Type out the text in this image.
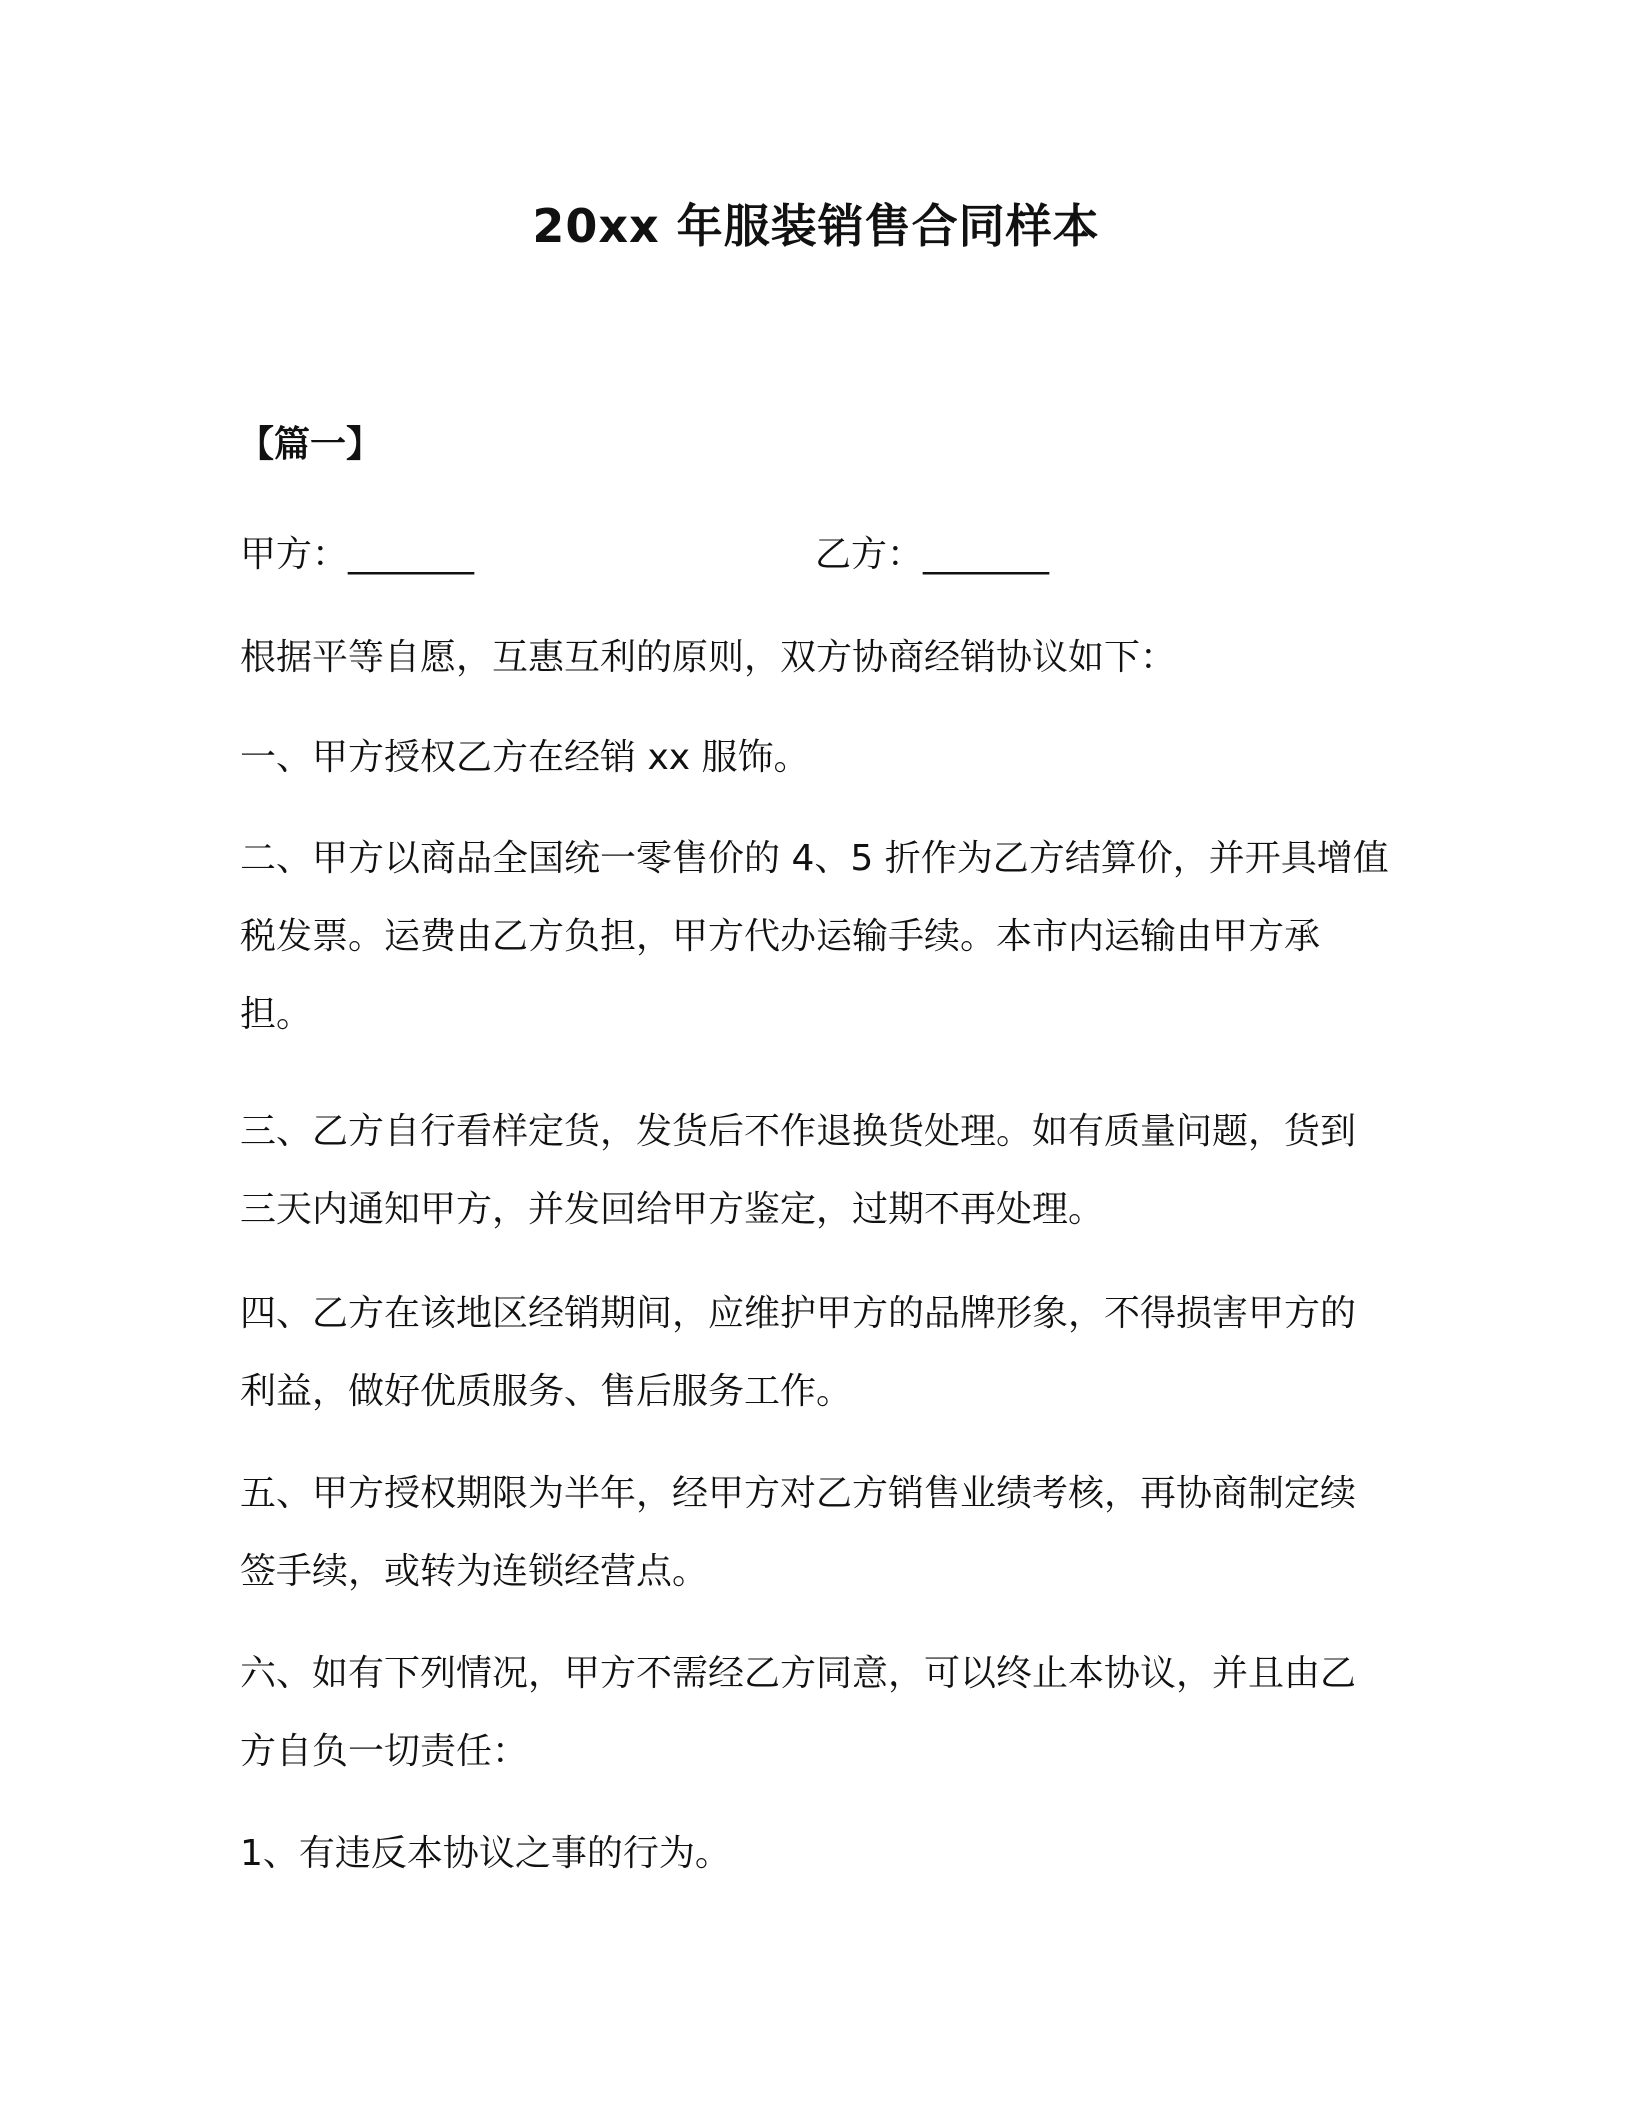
20xx 年服装销售合同样本
【篇一】
甲方：_______	乙方：_______

根据平等自愿，互惠互利的原则，双方协商经销协议如下：

一、甲方授权乙方在经销 xx 服饰。

二、甲方以商品全国统一零售价的 4、5 折作为乙方结算价，并开具增值税发票。运费由乙方负担，甲方代办运输手续。本市内运输由甲方承担。

三、乙方自行看样定货，发货后不作退换货处理。如有质量问题，货到三天内通知甲方，并发回给甲方鉴定，过期不再处理。

四、乙方在该地区经销期间，应维护甲方的品牌形象，不得损害甲方的利益，做好优质服务、售后服务工作。

五、甲方授权期限为半年，经甲方对乙方销售业绩考核，再协商制定续签手续，或转为连锁经营点。

六、如有下列情况，甲方不需经乙方同意，可以终止本协议，并且由乙方自负一切责任：

1、有违反本协议之事的行为。
